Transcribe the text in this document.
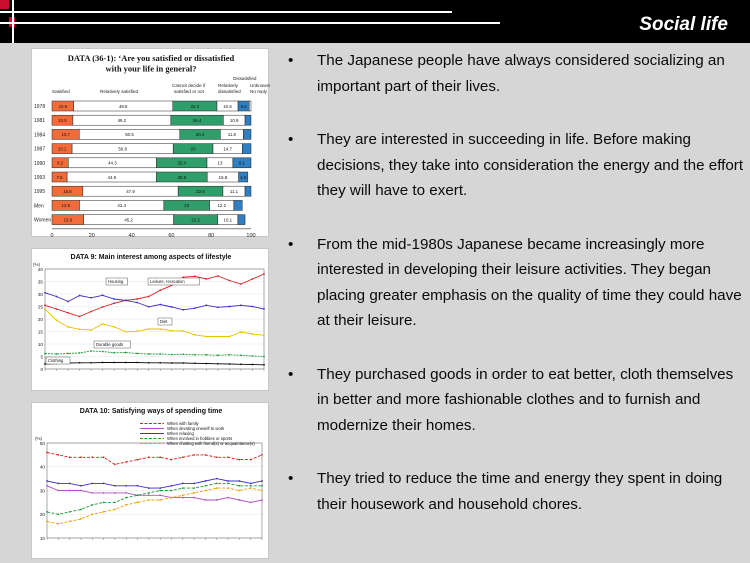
Social life
DATA (36-1): ‘Are you satisfied or dissatisfied
with your life in general?
Satisfied	Relatively satisfied
Cannot decide if
satisfied or not
Relatively
dissatisfied
Dissatisfied
Unknown/
No reply
1978	10.9	49.8	22.2	10.6 5.6
1981	10.5	49.2	26.4	10.9
1984	13.7	50.5	20.4	11.6
1987	10.1	50.8	20	14.7
1990	8.2	44.3	25.4	13	9.1
1993	7.6	44.9	25.5	15.8	4.6
1995	15.5	47.9	22.5	11.1
Men	13.8	42.4	23	12.2
Women	15.9	45.2	22.2	10.1
0	20	40	60	80	100
DATA 9: Main interest among aspects of lifestyle
(%)
0
5
10
15
20
25
30
35
40
Housing	Leisure, recreation
Diet
Durable goods
Clothing
DATA 10: Satisfying ways of spending time
(%)
10
20
30
40
50
When with family
When devoting oneself to work
When relaxing
When involved in hobbies or sports
When chatting with friend(s) or acquaintance(s)
•	The Japanese people have always considered socializing an important part of their lives.
•	They are interested in succeeding in life. Before making decisions, they take into consideration the energy and the effort they will have to exert.
•	From the mid-1980s Japanese became increasingly more interested in developing their leisure activities. They began placing greater emphasis on the quality of time they could have at their leisure.
•	They purchased goods in order to eat better, cloth themselves in better and more fashionable clothes and to furnish and modernize their homes.
•	They tried to reduce the time and energy they spent in doing their housework and household chores.
